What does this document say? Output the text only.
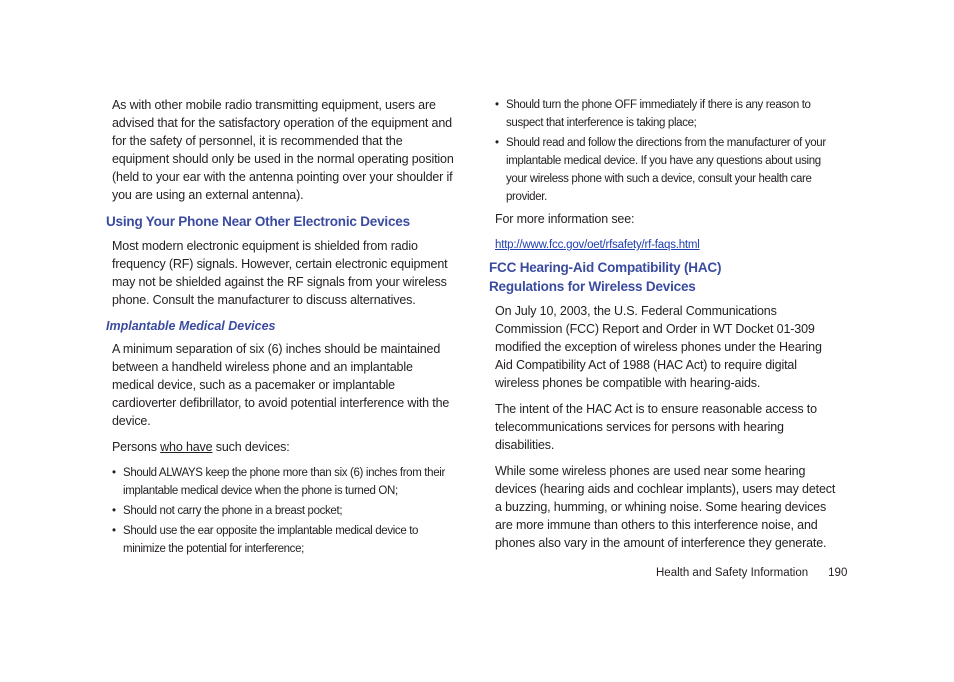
As with other mobile radio transmitting equipment, users are advised that for the satisfactory operation of the equipment and for the safety of personnel, it is recommended that the equipment should only be used in the normal operating position (held to your ear with the antenna pointing over your shoulder if you are using an external antenna).

Using Your Phone Near Other Electronic Devices

Most modern electronic equipment is shielded from radio frequency (RF) signals. However, certain electronic equipment may not be shielded against the RF signals from your wireless phone. Consult the manufacturer to discuss alternatives.

Implantable Medical Devices

A minimum separation of six (6) inches should be maintained between a handheld wireless phone and an implantable medical device, such as a pacemaker or implantable cardioverter defibrillator, to avoid potential interference with the device.

Persons who have such devices:

• Should ALWAYS keep the phone more than six (6) inches from their implantable medical device when the phone is turned ON;
• Should not carry the phone in a breast pocket;
• Should use the ear opposite the implantable medical device to minimize the potential for interference;
• Should turn the phone OFF immediately if there is any reason to suspect that interference is taking place;
• Should read and follow the directions from the manufacturer of your implantable medical device. If you have any questions about using your wireless phone with such a device, consult your health care provider.

For more information see:

http://www.fcc.gov/oet/rfsafety/rf-faqs.html
FCC Hearing-Aid Compatibility (HAC)
Regulations for Wireless Devices

On July 10, 2003, the U.S. Federal Communications Commission (FCC) Report and Order in WT Docket 01-309 modified the exception of wireless phones under the Hearing Aid Compatibility Act of 1988 (HAC Act) to require digital wireless phones be compatible with hearing-aids.

The intent of the HAC Act is to ensure reasonable access to telecommunications services for persons with hearing disabilities.

While some wireless phones are used near some hearing devices (hearing aids and cochlear implants), users may detect a buzzing, humming, or whining noise. Some hearing devices are more immune than others to this interference noise, and phones also vary in the amount of interference they generate.

Health and Safety Information 190
